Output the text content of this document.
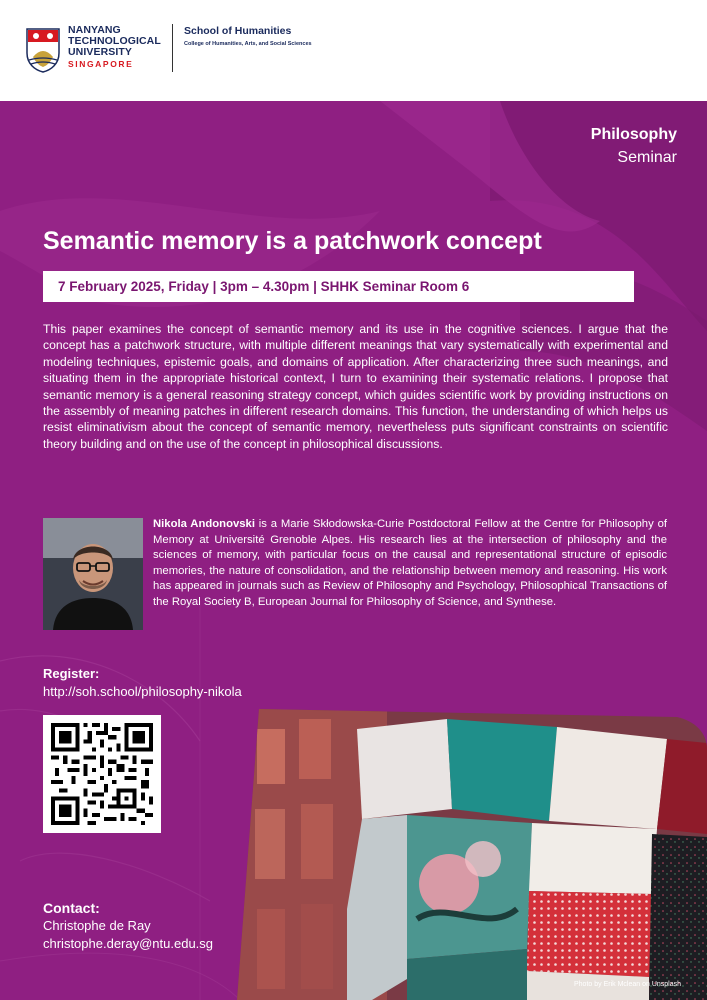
NANYANG
TECHNOLOGICAL
UNIVERSITY
SINGAPORE
School of Humanities
College of Humanities, Arts, and Social Sciences
Philosophy
Seminar
Semantic memory is a patchwork concept
7 February 2025, Friday | 3pm – 4.30pm | SHHK Seminar Room 6
This paper examines the concept of semantic memory and its use in the cognitive sciences. I argue that the concept has a patchwork structure, with multiple different meanings that vary systematically with experimental and modeling techniques, epistemic goals, and domains of application. After characterizing three such meanings, and situating them in the appropriate historical context, I turn to examining their systematic relations. I propose that semantic memory is a general reasoning strategy concept, which guides scientific work by providing instructions on the assembly of meaning patches in different research domains. This function, the understanding of which helps us resist eliminativism about the concept of semantic memory, nevertheless puts significant constraints on scientific theory building and on the use of the concept in philosophical discussions.
Nikola Andonovski is a Marie Skłodowska-Curie Postdoctoral Fellow at the Centre for Philosophy of Memory at Université Grenoble Alpes. His research lies at the intersection of philosophy and the sciences of memory, with particular focus on the causal and representational structure of episodic memories, the nature of consolidation, and the relationship between memory and reasoning. His work has appeared in journals such as Review of Philosophy and Psychology, Philosophical Transactions of the Royal Society B, European Journal for Philosophy of Science, and Synthese.
Register:
http://soh.school/philosophy-nikola
Contact:
Christophe de Ray
christophe.deray@ntu.edu.sg
Photo by Erik Mclean on Unsplash
